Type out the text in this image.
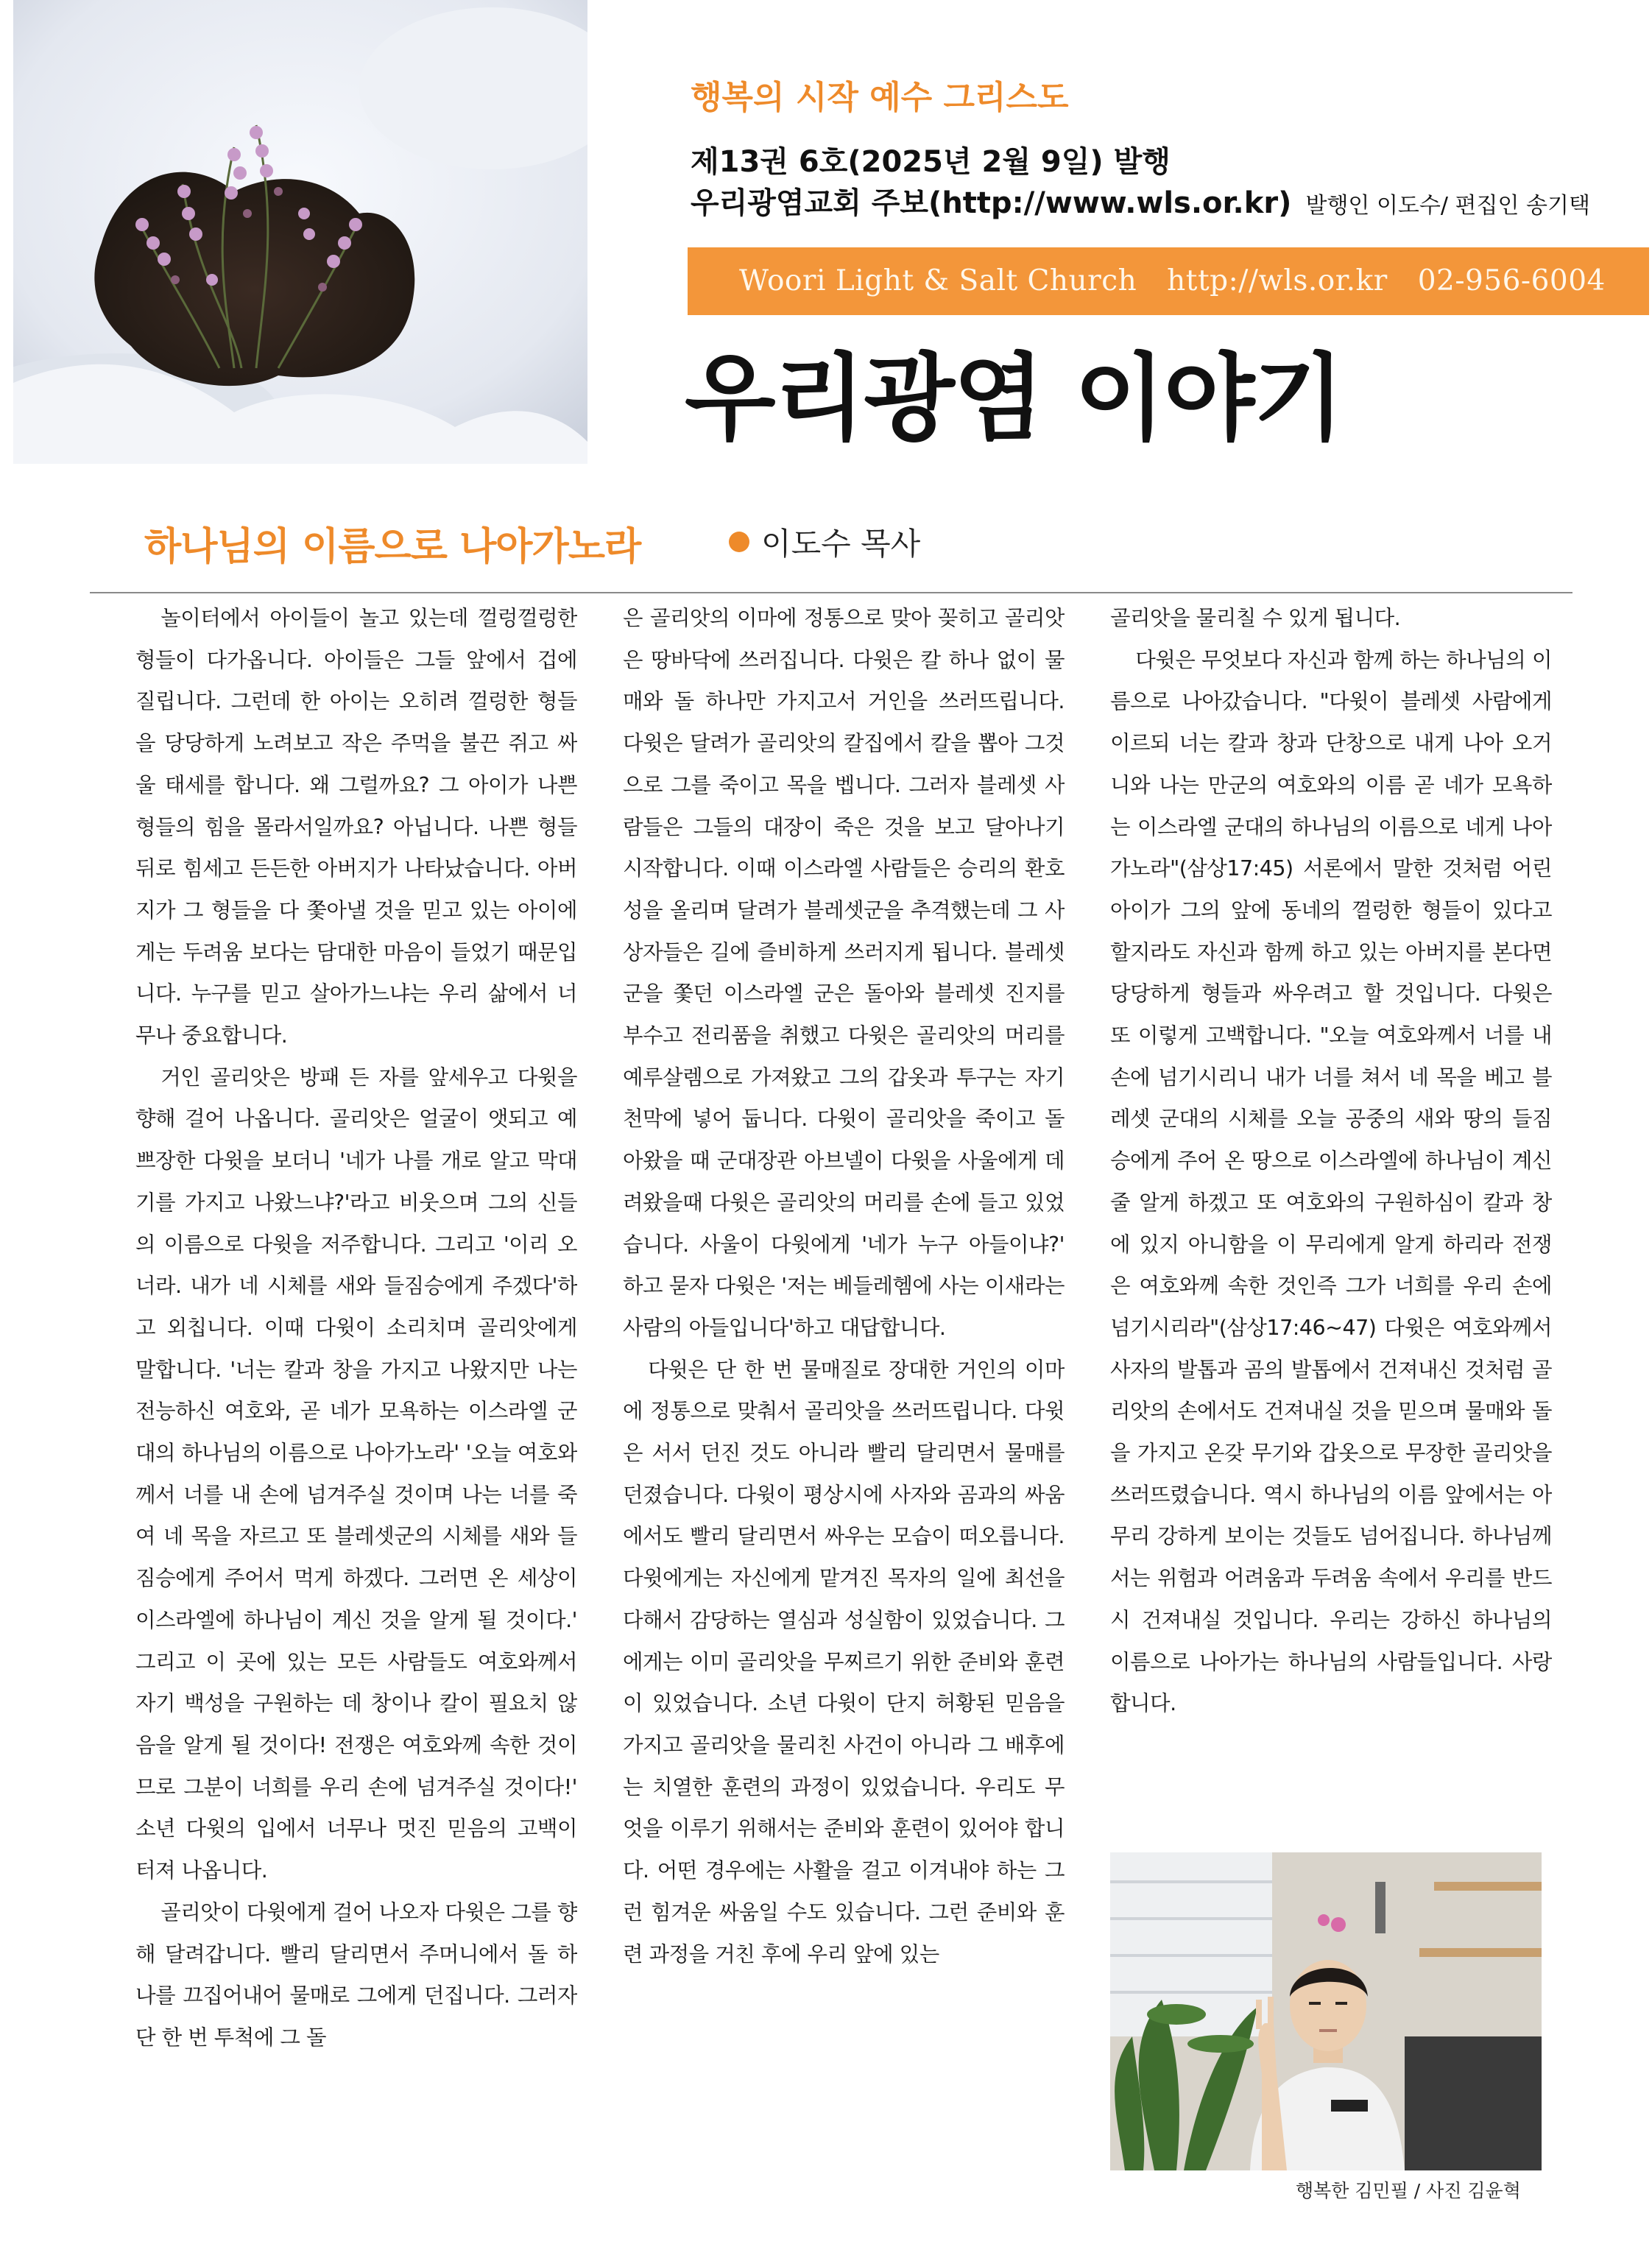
행복의 시작 예수 그리스도
제13권 6호(2025년 2월 9일) 발행
우리광염교회 주보(http://www.wls.or.kr) 발행인 이도수/ 편집인 송기택
Woori Light & Salt Church http://wls.or.kr 02-956-6004
우리광염 이야기
하나님의 이름으로 나아가노라	이도수 목사

놀이터에서 아이들이 놀고 있는데 껄렁껄렁한 형들이 다가옵니다. 아이들은 그들 앞에서 겁에 질립니다. 그런데 한 아이는 오히려 껄렁한 형들을 당당하게 노려보고 작은 주먹을 불끈 쥐고 싸울 태세를 합니다. 왜 그럴까요? 그 아이가 나쁜 형들의 힘을 몰라서일까요? 아닙니다. 나쁜 형들 뒤로 힘세고 든든한 아버지가 나타났습니다. 아버지가 그 형들을 다 쫓아낼 것을 믿고 있는 아이에게는 두려움 보다는 담대한 마음이 들었기 때문입니다. 누구를 믿고 살아가느냐는 우리 삶에서 너무나 중요합니다.

거인 골리앗은 방패 든 자를 앞세우고 다윗을 향해 걸어 나옵니다. 골리앗은 얼굴이 앳되고 예쁘장한 다윗을 보더니 '네가 나를 개로 알고 막대기를 가지고 나왔느냐?'라고 비웃으며 그의 신들의 이름으로 다윗을 저주합니다. 그리고 '이리 오너라. 내가 네 시체를 새와 들짐승에게 주겠다'하고 외칩니다. 이때 다윗이 소리치며 골리앗에게 말합니다. '너는 칼과 창을 가지고 나왔지만 나는 전능하신 여호와, 곧 네가 모욕하는 이스라엘 군대의 하나님의 이름으로 나아가노라' '오늘 여호와께서 너를 내 손에 넘겨주실 것이며 나는 너를 죽여 네 목을 자르고 또 블레셋군의 시체를 새와 들짐승에게 주어서 먹게 하겠다. 그러면 온 세상이 이스라엘에 하나님이 계신 것을 알게 될 것이다.' 그리고 이 곳에 있는 모든 사람들도 여호와께서 자기 백성을 구원하는 데 창이나 칼이 필요치 않음을 알게 될 것이다! 전쟁은 여호와께 속한 것이므로 그분이 너희를 우리 손에 넘겨주실 것이다!' 소년 다윗의 입에서 너무나 멋진 믿음의 고백이 터져 나옵니다.

골리앗이 다윗에게 걸어 나오자 다윗은 그를 향해 달려갑니다. 빨리 달리면서 주머니에서 돌 하나를 끄집어내어 물매로 그에게 던집니다. 그러자 단 한 번 투척에 그 돌

은 골리앗의 이마에 정통으로 맞아 꽂히고 골리앗은 땅바닥에 쓰러집니다. 다윗은 칼 하나 없이 물매와 돌 하나만 가지고서 거인을 쓰러뜨립니다. 다윗은 달려가 골리앗의 칼집에서 칼을 뽑아 그것으로 그를 죽이고 목을 벱니다. 그러자 블레셋 사람들은 그들의 대장이 죽은 것을 보고 달아나기 시작합니다. 이때 이스라엘 사람들은 승리의 환호성을 올리며 달려가 블레셋군을 추격했는데 그 사상자들은 길에 즐비하게 쓰러지게 됩니다. 블레셋 군을 쫓던 이스라엘 군은 돌아와 블레셋 진지를 부수고 전리품을 취했고 다윗은 골리앗의 머리를 예루살렘으로 가져왔고 그의 갑옷과 투구는 자기 천막에 넣어 둡니다. 다윗이 골리앗을 죽이고 돌아왔을 때 군대장관 아브넬이 다윗을 사울에게 데려왔을때 다윗은 골리앗의 머리를 손에 들고 있었습니다. 사울이 다윗에게 '네가 누구 아들이냐?' 하고 묻자 다윗은 '저는 베들레헴에 사는 이새라는 사람의 아들입니다'하고 대답합니다.

다윗은 단 한 번 물매질로 장대한 거인의 이마에 정통으로 맞춰서 골리앗을 쓰러뜨립니다. 다윗은 서서 던진 것도 아니라 빨리 달리면서 물매를 던졌습니다. 다윗이 평상시에 사자와 곰과의 싸움에서도 빨리 달리면서 싸우는 모습이 떠오릅니다. 다윗에게는 자신에게 맡겨진 목자의 일에 최선을 다해서 감당하는 열심과 성실함이 있었습니다. 그에게는 이미 골리앗을 무찌르기 위한 준비와 훈련이 있었습니다. 소년 다윗이 단지 허황된 믿음을 가지고 골리앗을 물리친 사건이 아니라 그 배후에는 치열한 훈련의 과정이 있었습니다. 우리도 무엇을 이루기 위해서는 준비와 훈련이 있어야 합니다. 어떤 경우에는 사활을 걸고 이겨내야 하는 그런 힘겨운 싸움일 수도 있습니다. 그런 준비와 훈련 과정을 거친 후에 우리 앞에 있는

골리앗을 물리칠 수 있게 됩니다.

다윗은 무엇보다 자신과 함께 하는 하나님의 이름으로 나아갔습니다. "다윗이 블레셋 사람에게 이르되 너는 칼과 창과 단창으로 내게 나아 오거니와 나는 만군의 여호와의 이름 곧 네가 모욕하는 이스라엘 군대의 하나님의 이름으로 네게 나아가노라"(삼상17:45) 서론에서 말한 것처럼 어린 아이가 그의 앞에 동네의 껄렁한 형들이 있다고 할지라도 자신과 함께 하고 있는 아버지를 본다면 당당하게 형들과 싸우려고 할 것입니다. 다윗은 또 이렇게 고백합니다. "오늘 여호와께서 너를 내 손에 넘기시리니 내가 너를 쳐서 네 목을 베고 블레셋 군대의 시체를 오늘 공중의 새와 땅의 들짐승에게 주어 온 땅으로 이스라엘에 하나님이 계신 줄 알게 하겠고 또 여호와의 구원하심이 칼과 창에 있지 아니함을 이 무리에게 알게 하리라 전쟁은 여호와께 속한 것인즉 그가 너희를 우리 손에 넘기시리라"(삼상17:46~47) 다윗은 여호와께서 사자의 발톱과 곰의 발톱에서 건져내신 것처럼 골리앗의 손에서도 건져내실 것을 믿으며 물매와 돌을 가지고 온갖 무기와 갑옷으로 무장한 골리앗을 쓰러뜨렸습니다. 역시 하나님의 이름 앞에서는 아무리 강하게 보이는 것들도 넘어집니다. 하나님께서는 위험과 어려움과 두려움 속에서 우리를 반드시 건져내실 것입니다. 우리는 강하신 하나님의 이름으로 나아가는 하나님의 사람들입니다. 사랑합니다.

행복한 김민필 / 사진 김윤혁
